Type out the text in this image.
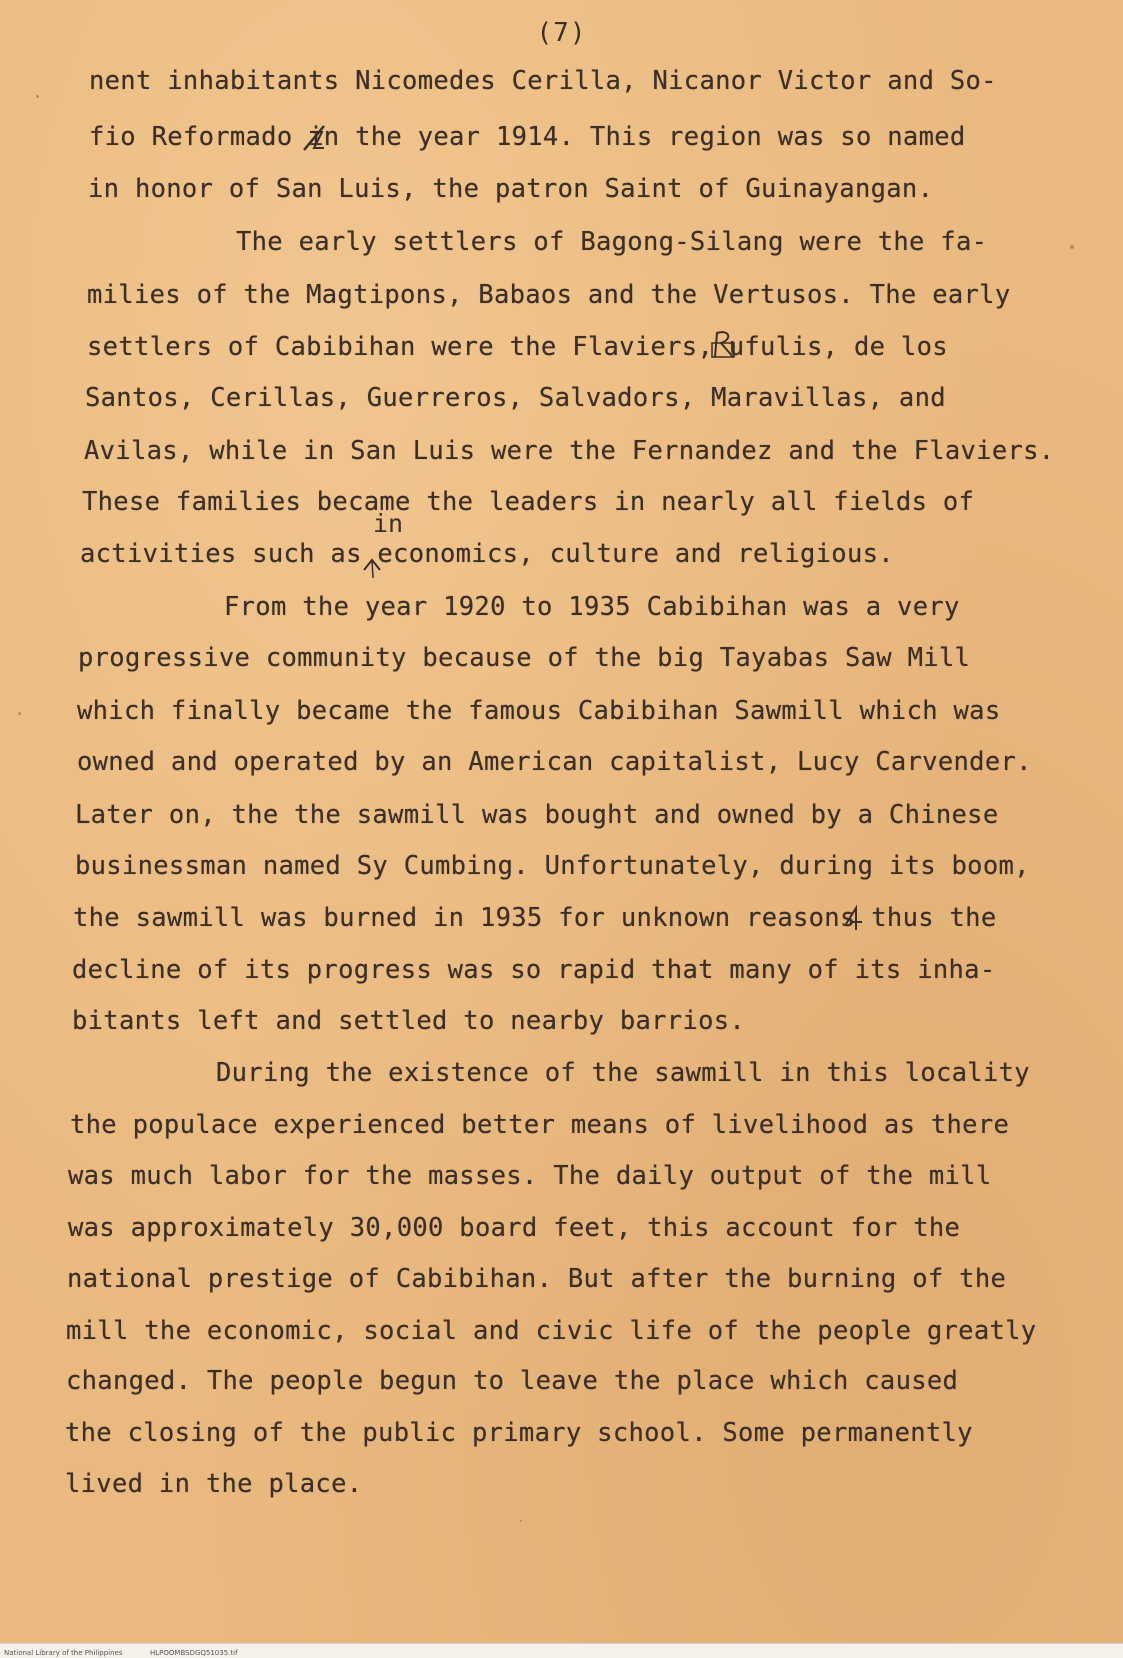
(7)
nent inhabitants Nicomedes Cerilla, Nicanor Victor and So-
fio Reformado in the year 1914. This region was so named
in honor of San Luis, the patron Saint of Guinayangan.
The early settlers of Bagong-Silang were the fa-
milies of the Magtipons, Babaos and the Vertusos. The early
settlers of Cabibihan were the Flaviers, ufulis, de los
Santos, Cerillas, Guerreros, Salvadors, Maravillas, and
Avilas, while in San Luis were the Fernandez and the Flaviers.
These families became the leaders in nearly all fields of
in
activities such as economics, culture and religious.
From the year 1920 to 1935 Cabibihan was a very
progressive community because of the big Tayabas Saw Mill
which finally became the famous Cabibihan Sawmill which was
owned and operated by an American capitalist, Lucy Carvender.
Later on, the the sawmill was bought and owned by a Chinese
businessman named Sy Cumbing. Unfortunately, during its boom,
the sawmill was burned in 1935 for unknown reasons thus the
decline of its progress was so rapid that many of its inha-
bitants left and settled to nearby barrios.
During the existence of the sawmill in this locality
the populace experienced better means of livelihood as there
was much labor for the masses. The daily output of the mill
was approximately 30,000 board feet, this account for the
national prestige of Cabibihan. But after the burning of the
mill the economic, social and civic life of the people greatly
changed. The people begun to leave the place which caused
the closing of the public primary school. Some permanently
lived in the place.
National Library of the Philippines	HLPOOMBSDGQ51035.tif
